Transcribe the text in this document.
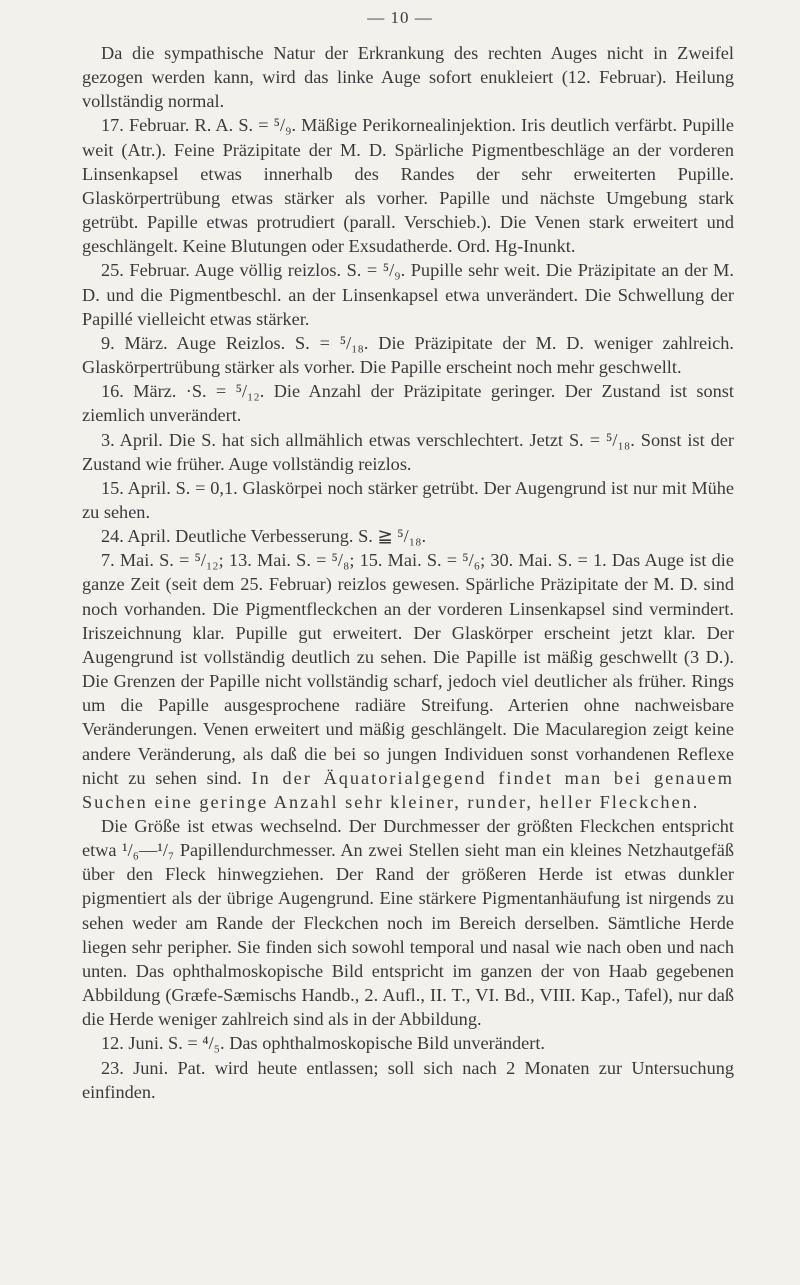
— 10 —

Da die sympathische Natur der Erkrankung des rechten Auges nicht in Zweifel gezogen werden kann, wird das linke Auge sofort enukleiert (12. Februar). Heilung vollständig normal.

17. Februar. R. A. S. = ⁵/₉. Mäßige Perikornealinjektion. Iris deutlich verfärbt. Pupille weit (Atr.). Feine Präzipitate der M. D. Spärliche Pigmentbeschläge an der vorderen Linsenkapsel etwas innerhalb des Randes der sehr erweiterten Pupille. Glaskörpertrübung etwas stärker als vorher. Papille und nächste Umgebung stark getrübt. Papille etwas protrudiert (parall. Verschieb.). Die Venen stark erweitert und geschlängelt. Keine Blutungen oder Exsudatherde. Ord. Hg-Inunkt.

25. Februar. Auge völlig reizlos. S. = ⁵/₉. Pupille sehr weit. Die Präzipitate an der M. D. und die Pigmentbeschl. an der Linsenkapsel etwa unverändert. Die Schwellung der Papillé vielleicht etwas stärker.

9. März. Auge Reizlos. S. = ⁵/₁₈. Die Präzipitate der M. D. weniger zahlreich. Glaskörpertrübung stärker als vorher. Die Papille erscheint noch mehr geschwellt.

16. März. ·S. = ⁵/₁₂. Die Anzahl der Präzipitate geringer. Der Zustand ist sonst ziemlich unverändert.

3. April. Die S. hat sich allmählich etwas verschlechtert. Jetzt S. = ⁵/₁₈. Sonst ist der Zustand wie früher. Auge vollständig reizlos.

15. April. S. = 0,1. Glaskörpei noch stärker getrübt. Der Augengrund ist nur mit Mühe zu sehen.

24. April. Deutliche Verbesserung. S. ≧ ⁵/₁₈.

7. Mai. S. = ⁵/₁₂; 13. Mai. S. = ⁵/₈; 15. Mai. S. = ⁵/₆; 30. Mai. S. = 1. Das Auge ist die ganze Zeit (seit dem 25. Februar) reizlos gewesen. Spärliche Präzipitate der M. D. sind noch vorhanden. Die Pigmentfleckchen an der vorderen Linsenkapsel sind vermindert. Iriszeichnung klar. Pupille gut erweitert. Der Glaskörper erscheint jetzt klar. Der Augengrund ist vollständig deutlich zu sehen. Die Papille ist mäßig geschwellt (3 D.). Die Grenzen der Papille nicht vollständig scharf, jedoch viel deutlicher als früher. Rings um die Papille ausgesprochene radiäre Streifung. Arterien ohne nachweisbare Veränderungen. Venen erweitert und mäßig geschlängelt. Die Macularegion zeigt keine andere Veränderung, als daß die bei so jungen Individuen sonst vorhandenen Reflexe nicht zu sehen sind. In der Äquatorialgegend findet man bei genauem Suchen eine geringe Anzahl sehr kleiner, runder, heller Fleckchen.

Die Größe ist etwas wechselnd. Der Durchmesser der größten Fleckchen entspricht etwa ¹/₆—¹/₇ Papillendurchmesser. An zwei Stellen sieht man ein kleines Netzhautgefäß über den Fleck hinwegziehen. Der Rand der größeren Herde ist etwas dunkler pigmentiert als der übrige Augengrund. Eine stärkere Pigmentanhäufung ist nirgends zu sehen weder am Rande der Fleckchen noch im Bereich derselben. Sämtliche Herde liegen sehr peripher. Sie finden sich sowohl temporal und nasal wie nach oben und nach unten. Das ophthalmoskopische Bild entspricht im ganzen der von Haab gegebenen Abbildung (Græfe-Sæmischs Handb., 2. Aufl., II. T., VI. Bd., VIII. Kap., Tafel), nur daß die Herde weniger zahlreich sind als in der Abbildung.

12. Juni. S. = ⁴/₅. Das ophthalmoskopische Bild unverändert.

23. Juni. Pat. wird heute entlassen; soll sich nach 2 Monaten zur Untersuchung einfinden.
